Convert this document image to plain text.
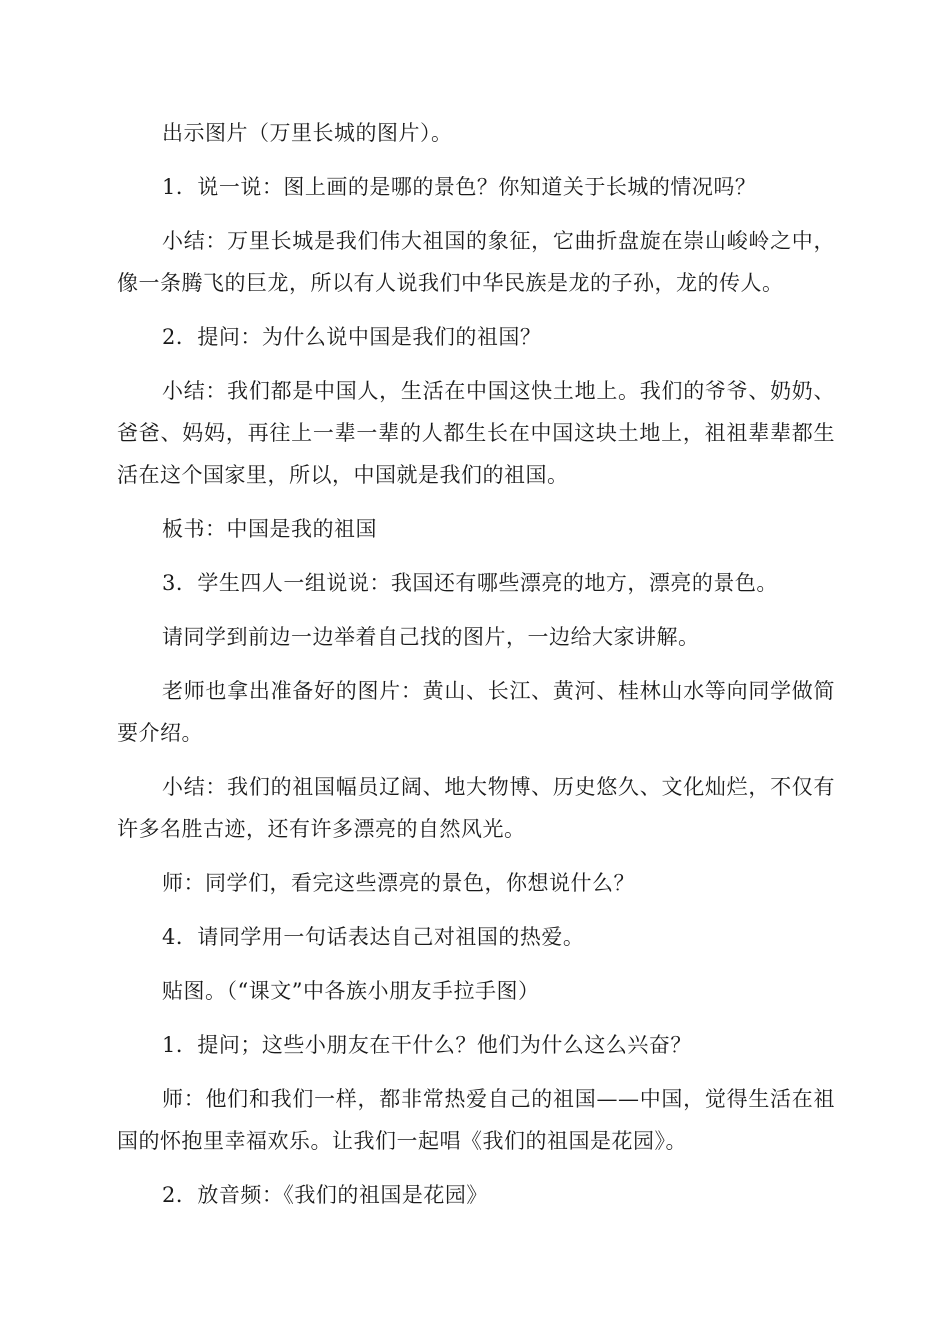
出示图片（万里长城的图片）。

1．说一说：图上画的是哪的景色？你知道关于长城的情况吗？

小结：万里长城是我们伟大祖国的象征，它曲折盘旋在崇山峻岭之中，像一条腾飞的巨龙，所以有人说我们中华民族是龙的子孙，龙的传人。

2．提问：为什么说中国是我们的祖国？

小结：我们都是中国人，生活在中国这快土地上。我们的爷爷、奶奶、爸爸、妈妈，再往上一辈一辈的人都生长在中国这块土地上，祖祖辈辈都生活在这个国家里，所以，中国就是我们的祖国。

板书：中国是我的祖国

3．学生四人一组说说：我国还有哪些漂亮的地方，漂亮的景色。

请同学到前边一边举着自己找的图片，一边给大家讲解。

老师也拿出准备好的图片：黄山、长江、黄河、桂林山水等向同学做简要介绍。

小结：我们的祖国幅员辽阔、地大物博、历史悠久、文化灿烂，不仅有许多名胜古迹，还有许多漂亮的自然风光。

师：同学们，看完这些漂亮的景色，你想说什么？

4．请同学用一句话表达自己对祖国的热爱。

贴图。（“课文”中各族小朋友手拉手图）

1．提问；这些小朋友在干什么？他们为什么这么兴奋？

师：他们和我们一样，都非常热爱自己的祖国——中国，觉得生活在祖国的怀抱里幸福欢乐。让我们一起唱《我们的祖国是花园》。

2．放音频：《我们的祖国是花园》
